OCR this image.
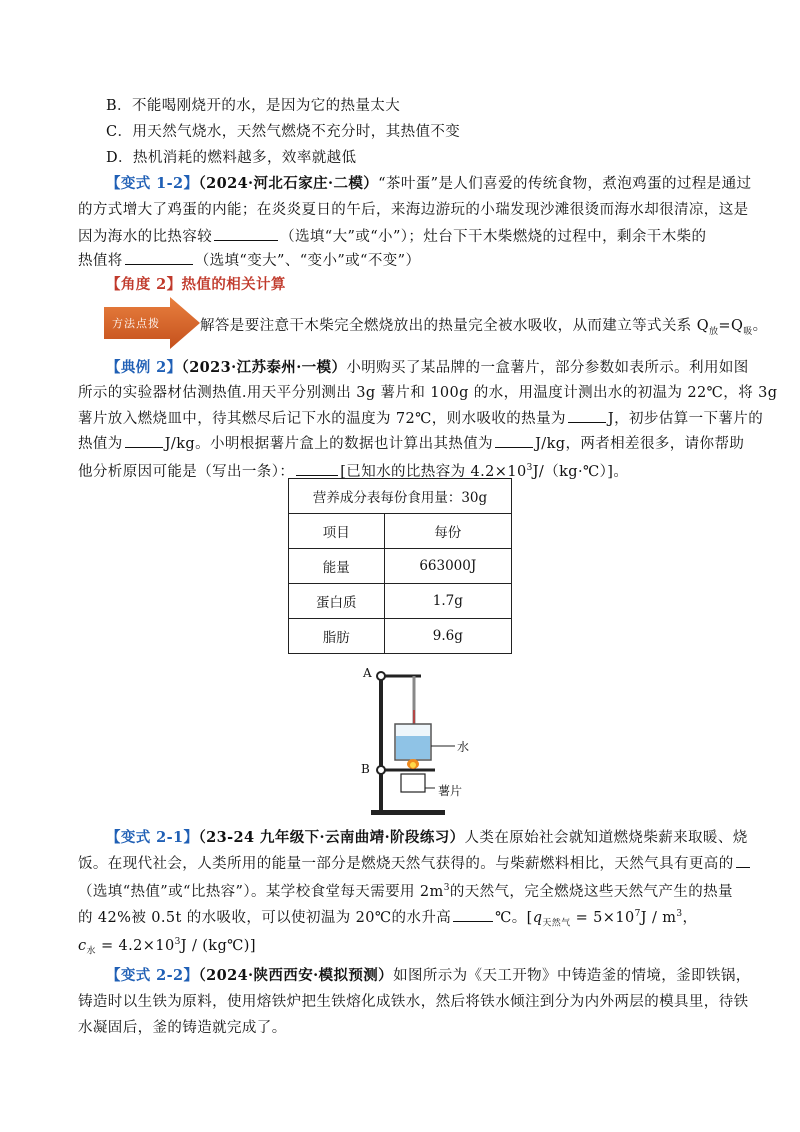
B．不能喝刚烧开的水，是因为它的热量太大
C．用天然气烧水，天然气燃烧不充分时，其热值不变
D．热机消耗的燃料越多，效率就越低
【变式 1-2】（2024·河北石家庄·二模）“茶叶蛋”是人们喜爱的传统食物，煮泡鸡蛋的过程是通过
的方式增大了鸡蛋的内能；在炎炎夏日的午后，来海边游玩的小瑞发现沙滩很烫而海水却很清凉，这是
因为海水的比热容较	（选填“大”或“小”）；灶台下干木柴燃烧的过程中，剩余干木柴的
热值将	（选填“变大”、“变小”或“不变”）
【角度 2】热值的相关计算
方法点拨	解答是要注意干木柴完全燃烧放出的热量完全被水吸收，从而建立等式关系 $Q_放=Q_吸$。
【典例 2】（2023·江苏泰州·一模）小明购买了某品牌的一盒薯片，部分参数如表所示。利用如图
所示的实验器材估测热值.用天平分别测出 3g 薯片和 100g 的水，用温度计测出水的初温为 22℃，将 3g
薯片放入燃烧皿中，待其燃尽后记下水的温度为 72℃，则水吸收的热量为	J，初步估算一下薯片的
热值为	J/kg。小明根据薯片盒上的数据也计算出其热值为	J/kg，两者相差很多，请你帮助
他分析原因可能是（写出一条）：	[已知水的比热容为 $4.2\times 10^3J/(kg\cdot℃)$]。
营养成分表每份食用量：30g	
项目	每份
能量	663000J
蛋白质	1.7g
脂肪	9.6g
A
B
水
薯片
【变式 2-1】（23-24 九年级下·云南曲靖·阶段练习）人类在原始社会就知道燃烧柴薪来取暖、烧
饭。在现代社会，人类所用的能量一部分是燃烧天然气获得的。与柴薪燃料相比，天然气具有更高的
（选填“热值”或“比热容”）。某学校食堂每天需要用 $2m^3$的天然气，完全燃烧这些天然气产生的热量
的 42%被 0.5t 的水吸收，可以使初温为 20℃的水升高	℃。[$q_{天然气} = 5\times 10^7J / m^3$，
$c_水 = 4.2\times 10^3J$ / (kg℃)]
【变式 2-2】（2024·陕西西安·模拟预测）如图所示为《天工开物》中铸造釜的情境，釜即铁锅，
铸造时以生铁为原料，使用熔铁炉把生铁熔化成铁水，然后将铁水倾注到分为内外两层的模具里，待铁
水凝固后，釜的铸造就完成了。
